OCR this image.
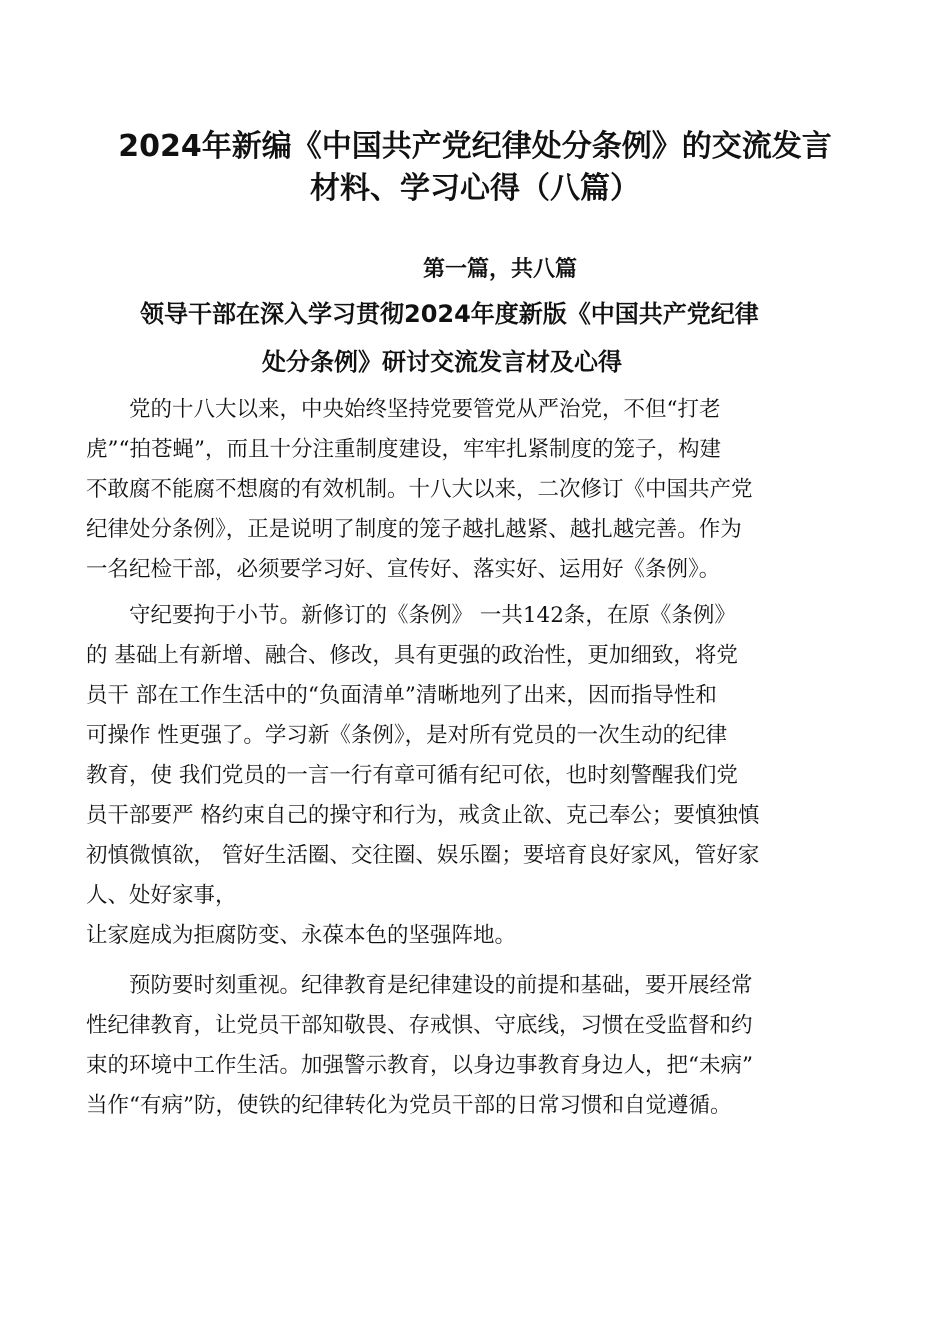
2024年新编《中国共产党纪律处分条例》的交流发言
材料、学习心得（八篇）
第一篇，共八篇
领导干部在深入学习贯彻2024年度新版《中国共产党纪律
处分条例》研讨交流发言材及心得

　　党的十八大以来，中央始终坚持党要管党从严治党，不但“打老
虎”“拍苍蝇”，而且十分注重制度建设，牢牢扎紧制度的笼子，构建
不敢腐不能腐不想腐的有效机制。十八大以来，二次修订《中国共产党
纪律处分条例》，正是说明了制度的笼子越扎越紧、越扎越完善。作为
一名纪检干部，必须要学习好、宣传好、落实好、运用好《条例》。

　　守纪要拘于小节。新修订的《条例》 一共142条，在原《条例》
的 基础上有新增、融合、修改，具有更强的政治性，更加细致，将党
员干 部在工作生活中的“负面清单”清晰地列了出来，因而指导性和
可操作 性更强了。学习新《条例》，是对所有党员的一次生动的纪律
教育，使 我们党员的一言一行有章可循有纪可依，也时刻警醒我们党
员干部要严 格约束自己的操守和行为，戒贪止欲、克己奉公；要慎独慎
初慎微慎欲， 管好生活圈、交往圈、娱乐圈；要培育良好家风，管好家
人、处好家事，
让家庭成为拒腐防变、永葆本色的坚强阵地。

　　预防要时刻重视。纪律教育是纪律建设的前提和基础，要开展经常
性纪律教育，让党员干部知敬畏、存戒惧、守底线，习惯在受监督和约
束的环境中工作生活。加强警示教育，以身边事教育身边人，把“未病”
当作“有病”防，使铁的纪律转化为党员干部的日常习惯和自觉遵循。
